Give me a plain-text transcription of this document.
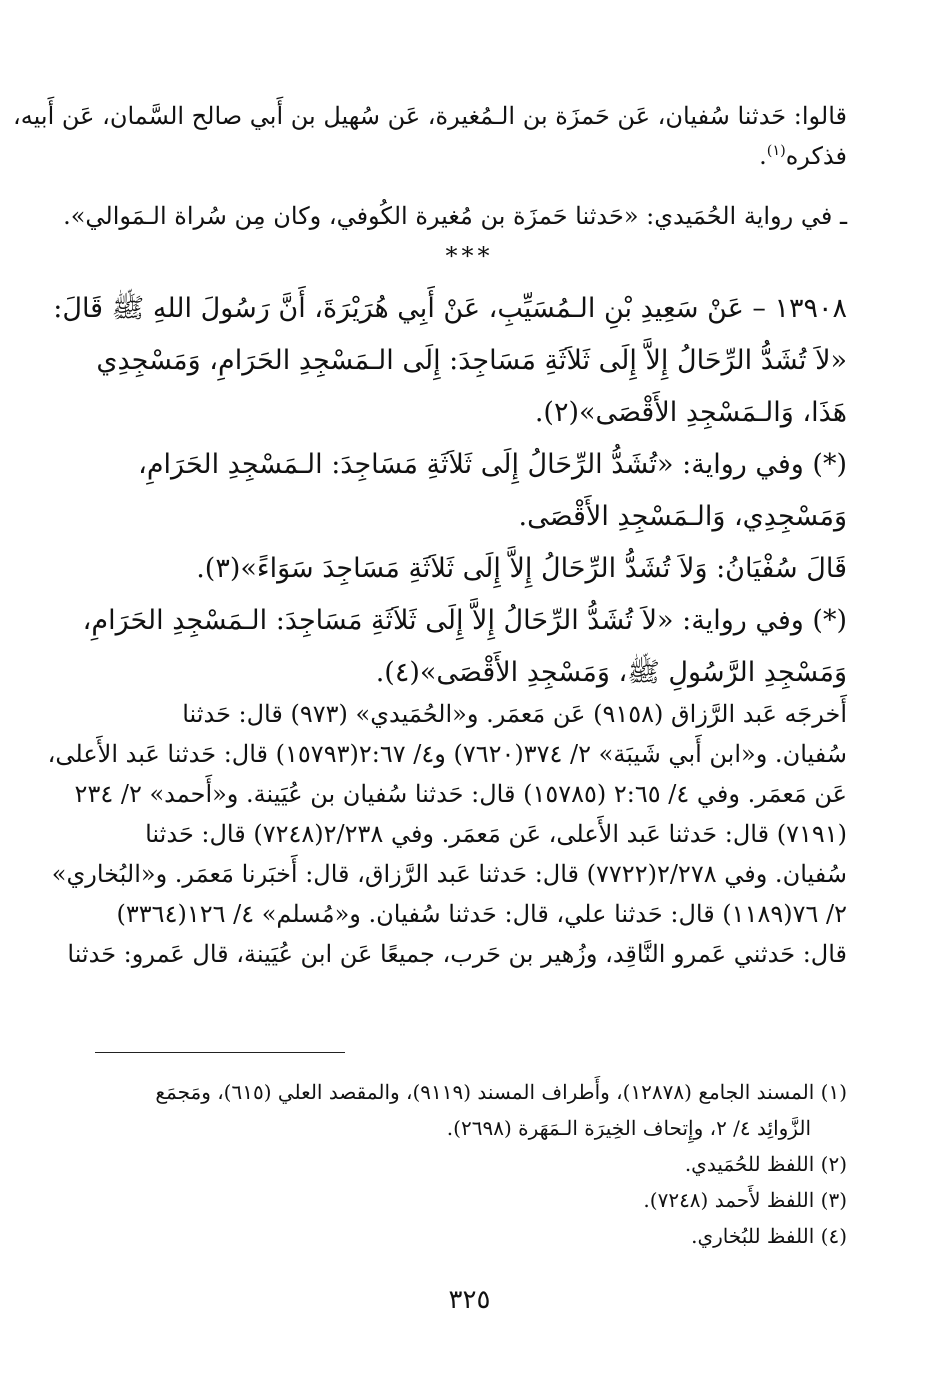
قالوا: حَدثنا سُفيان، عَن حَمزَة بن الـمُغيرة، عَن سُهيل بن أَبي صالح السَّمان، عَن أَبيه،
فذكره$^{(١)}$.
ـ في رواية الحُمَيدي: «حَدثنا حَمزَة بن مُغيرة الكُوفي، وكان مِن سُراة الـمَوالي».
***
١٣٩٠٨ – عَنْ سَعِيدِ بْنِ الـمُسَيِّبِ، عَنْ أَبِي هُرَيْرَةَ، أَنَّ رَسُولَ اللهِ ﷺ قَالَ:
«لاَ تُشَدُّ الرِّحَالُ إِلاَّ إِلَى ثَلاَثَةِ مَسَاجِدَ: إِلَى الـمَسْجِدِ الحَرَامِ، وَمَسْجِدِي
هَذَا، وَالـمَسْجِدِ الأَقْصَى»(٢).
(*) وفي رواية: «تُشَدُّ الرِّحَالُ إِلَى ثَلاَثَةِ مَسَاجِدَ: الـمَسْجِدِ الحَرَامِ،
وَمَسْجِدِي، وَالـمَسْجِدِ الأَقْصَى.
قَالَ سُفْيَانُ: وَلاَ تُشَدُّ الرِّحَالُ إِلاَّ إِلَى ثَلاَثَةِ مَسَاجِدَ سَوَاءً»(٣).
(*) وفي رواية: «لاَ تُشَدُّ الرِّحَالُ إِلاَّ إِلَى ثَلاَثَةِ مَسَاجِدَ: الـمَسْجِدِ الحَرَامِ،
وَمَسْجِدِ الرَّسُولِ ﷺ، وَمَسْجِدِ الأَقْصَى»(٤).
أَخرجَه عَبد الرَّزاق (٩١٥٨) عَن مَعمَر. و«الحُمَيدي» (٩٧٣) قال: حَدثنا
سُفيان. و«ابن أَبي شَيبَة» ٢/ ٣٧٤(٧٦٢٠) و٤/ ٢:٦٧(١٥٧٩٣) قال: حَدثنا عَبد الأَعلى،
عَن مَعمَر. وفي ٤/ ٢:٦٥ (١٥٧٨٥) قال: حَدثنا سُفيان بن عُيَينة. و«أَحمد» ٢/ ٢٣٤
(٧١٩١) قال: حَدثنا عَبد الأَعلى، عَن مَعمَر. وفي ٢/٢٣٨(٧٢٤٨) قال: حَدثنا
سُفيان. وفي ٢/٢٧٨(٧٧٢٢) قال: حَدثنا عَبد الرَّزاق، قال: أَخبَرنا مَعمَر. و«البُخاري»
٢/ ٧٦(١١٨٩) قال: حَدثنا علي، قال: حَدثنا سُفيان. و«مُسلم» ٤/ ١٢٦(٣٣٦٤)
قال: حَدثني عَمرو النَّاقِد، وزُهير بن حَرب، جميعًا عَن ابن عُيَينة، قال عَمرو: حَدثنا
(١) المسند الجامع (١٢٨٧٨)، وأَطراف المسند (٩١١٩)، والمقصد العلي (٦١٥)، ومَجمَع
الزَّوائِد ٤/ ٢، وإِتحاف الخِيرَة الـمَهَرة (٢٦٩٨).
(٢) اللفظ للحُمَيدي.
(٣) اللفظ لأَحمد (٧٢٤٨).
(٤) اللفظ للبُخاري.
٣٢٥
